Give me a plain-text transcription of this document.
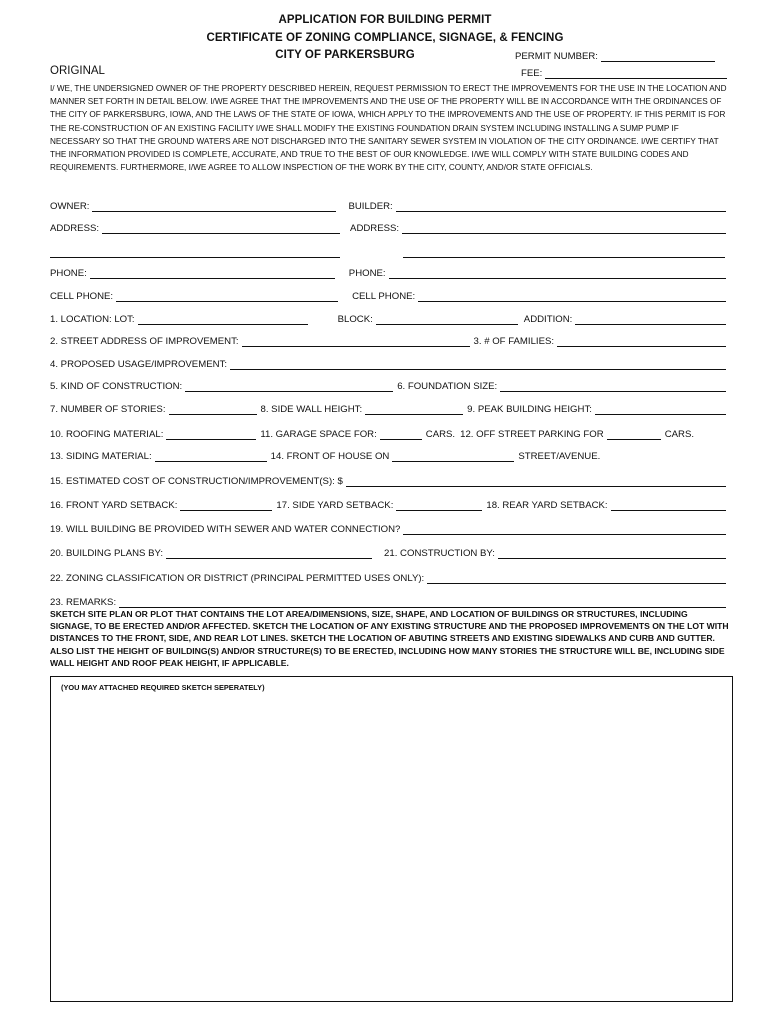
APPLICATION FOR BUILDING PERMIT
CERTIFICATE OF ZONING COMPLIANCE, SIGNAGE, & FENCING
CITY OF PARKERSBURG	PERMIT NUMBER:
ORIGINAL	FEE:
I/ WE, THE UNDERSIGNED OWNER OF THE PROPERTY DESCRIBED HEREIN, REQUEST PERMISSION TO ERECT THE IMPROVEMENTS FOR THE USE IN THE LOCATION AND MANNER SET FORTH IN DETAIL BELOW. I/WE AGREE THAT THE IMPROVEMENTS AND THE USE OF THE PROPERTY WILL BE IN ACCORDANCE WITH THE ORDINANCES OF THE CITY OF PARKERSBURG, IOWA, AND THE LAWS OF THE STATE OF IOWA, WHICH APPLY TO THE IMPROVEMENTS AND THE USE OF PROPERTY. IF THIS PERMIT IS FOR THE RE-CONSTRUCTION OF AN EXISTING FACILITY I/WE SHALL MODIFY THE EXISTING FOUNDATION DRAIN SYSTEM INCLUDING INSTALLING A SUMP PUMP IF NECESSARY SO THAT THE GROUND WATERS ARE NOT DISCHARGED INTO THE SANITARY SEWER SYSTEM IN VIOLATION OF THE CITY ORDINANCE. I/WE CERTIFY THAT THE INFORMATION PROVIDED IS COMPLETE, ACCURATE, AND TRUE TO THE BEST OF OUR KNOWLEDGE. I/WE WILL COMPLY WITH STATE BUILDING CODES AND REQUIREMENTS. FURTHERMORE, I/WE AGREE TO ALLOW INSPECTION OF THE WORK BY THE CITY, COUNTY, AND/OR STATE OFFICIALS.
OWNER:	BUILDER:
ADDRESS:	ADDRESS:
PHONE:	PHONE:
CELL PHONE:	CELL PHONE:
1. LOCATION: LOT:	BLOCK:	ADDITION:
2. STREET ADDRESS OF IMPROVEMENT:	3. # OF FAMILIES:
4. PROPOSED USAGE/IMPROVEMENT:
5. KIND OF CONSTRUCTION:	6. FOUNDATION SIZE:
7. NUMBER OF STORIES:	8. SIDE WALL HEIGHT:	9. PEAK BUILDING HEIGHT:
10. ROOFING MATERIAL:	11. GARAGE SPACE FOR:	CARS. 12. OFF STREET PARKING FOR	CARS.
13. SIDING MATERIAL:	14. FRONT OF HOUSE ON	STREET/AVENUE.
15. ESTIMATED COST OF CONSTRUCTION/IMPROVEMENT(S): $
16. FRONT YARD SETBACK:	17. SIDE YARD SETBACK:	18. REAR YARD SETBACK:
19. WILL BUILDING BE PROVIDED WITH SEWER AND WATER CONNECTION?
20. BUILDING PLANS BY:	21. CONSTRUCTION BY:
22. ZONING CLASSIFICATION OR DISTRICT (PRINCIPAL PERMITTED USES ONLY):
23. REMARKS:
SKETCH SITE PLAN OR PLOT THAT CONTAINS THE LOT AREA/DIMENSIONS, SIZE, SHAPE, AND LOCATION OF BUILDINGS OR STRUCTURES, INCLUDING SIGNAGE, TO BE ERECTED AND/OR AFFECTED. SKETCH THE LOCATION OF ANY EXISTING STRUCTURE AND THE PROPOSED IMPROVEMENTS ON THE LOT WITH DISTANCES TO THE FRONT, SIDE, AND REAR LOT LINES. SKETCH THE LOCATION OF ABUTING STREETS AND EXISTING SIDEWALKS AND CURB AND GUTTER. ALSO LIST THE HEIGHT OF BUILDING(S) AND/OR STRUCTURE(S) TO BE ERECTED, INCLUDING HOW MANY STORIES THE STRUCTURE WILL BE, INCLUDING SIDE WALL HEIGHT AND ROOF PEAK HEIGHT, IF APPLICABLE.
(YOU MAY ATTACHED REQUIRED SKETCH SEPERATELY)
